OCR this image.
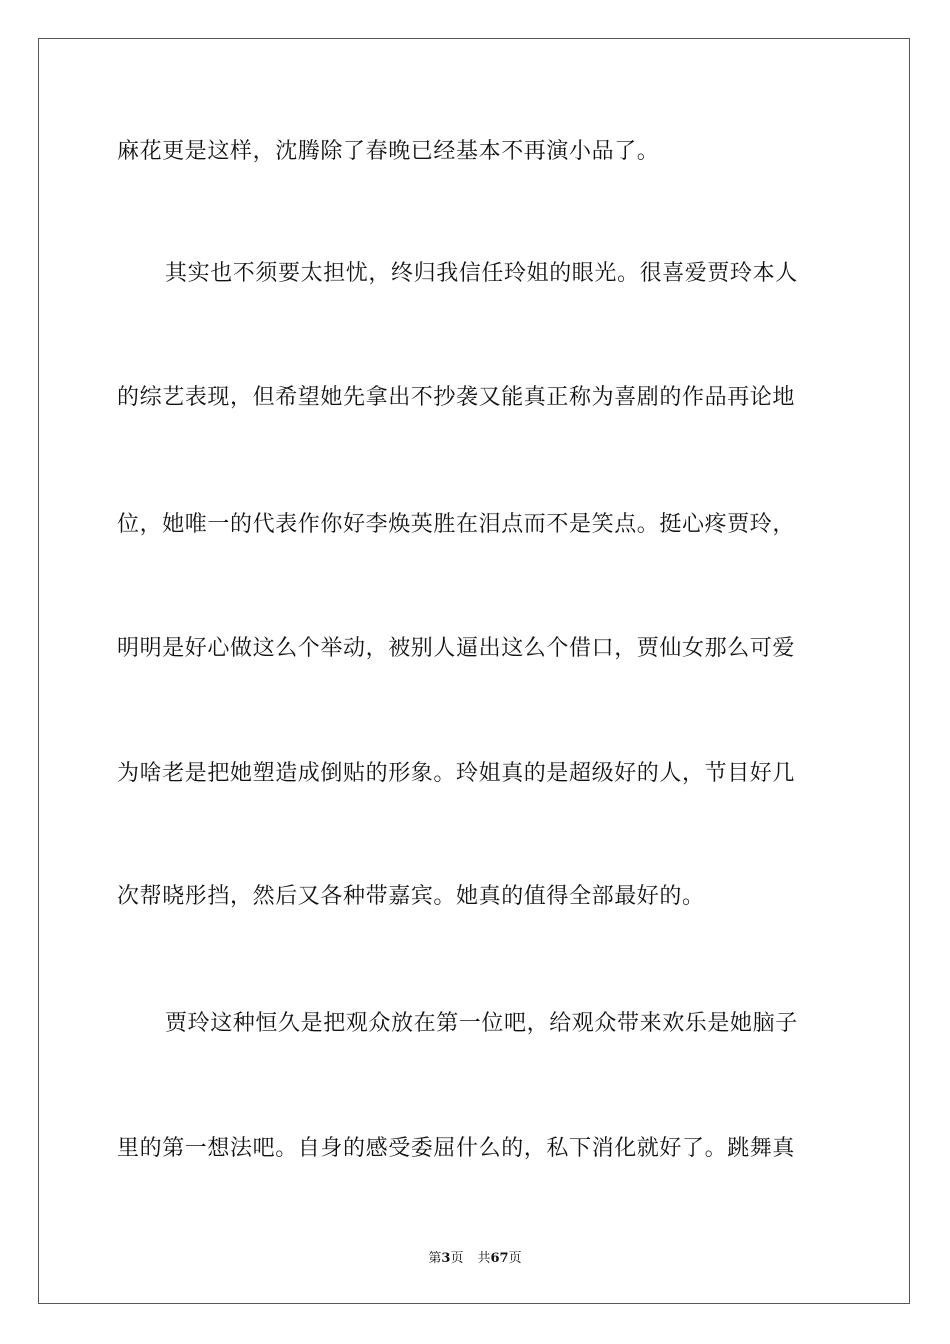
麻花更是这样，沈腾除了春晚已经基本不再演小品了。
其实也不须要太担忧，终归我信任玲姐的眼光。很喜爱贾玲本人
的综艺表现，但希望她先拿出不抄袭又能真正称为喜剧的作品再论地
位，她唯一的代表作你好李焕英胜在泪点而不是笑点。挺心疼贾玲，
明明是好心做这么个举动，被别人逼出这么个借口，贾仙女那么可爱
为啥老是把她塑造成倒贴的形象。玲姐真的是超级好的人，节目好几
次帮晓彤挡，然后又各种带嘉宾。她真的值得全部最好的。
贾玲这种恒久是把观众放在第一位吧，给观众带来欢乐是她脑子
里的第一想法吧。自身的感受委屈什么的，私下消化就好了。跳舞真
第3页 共67页
